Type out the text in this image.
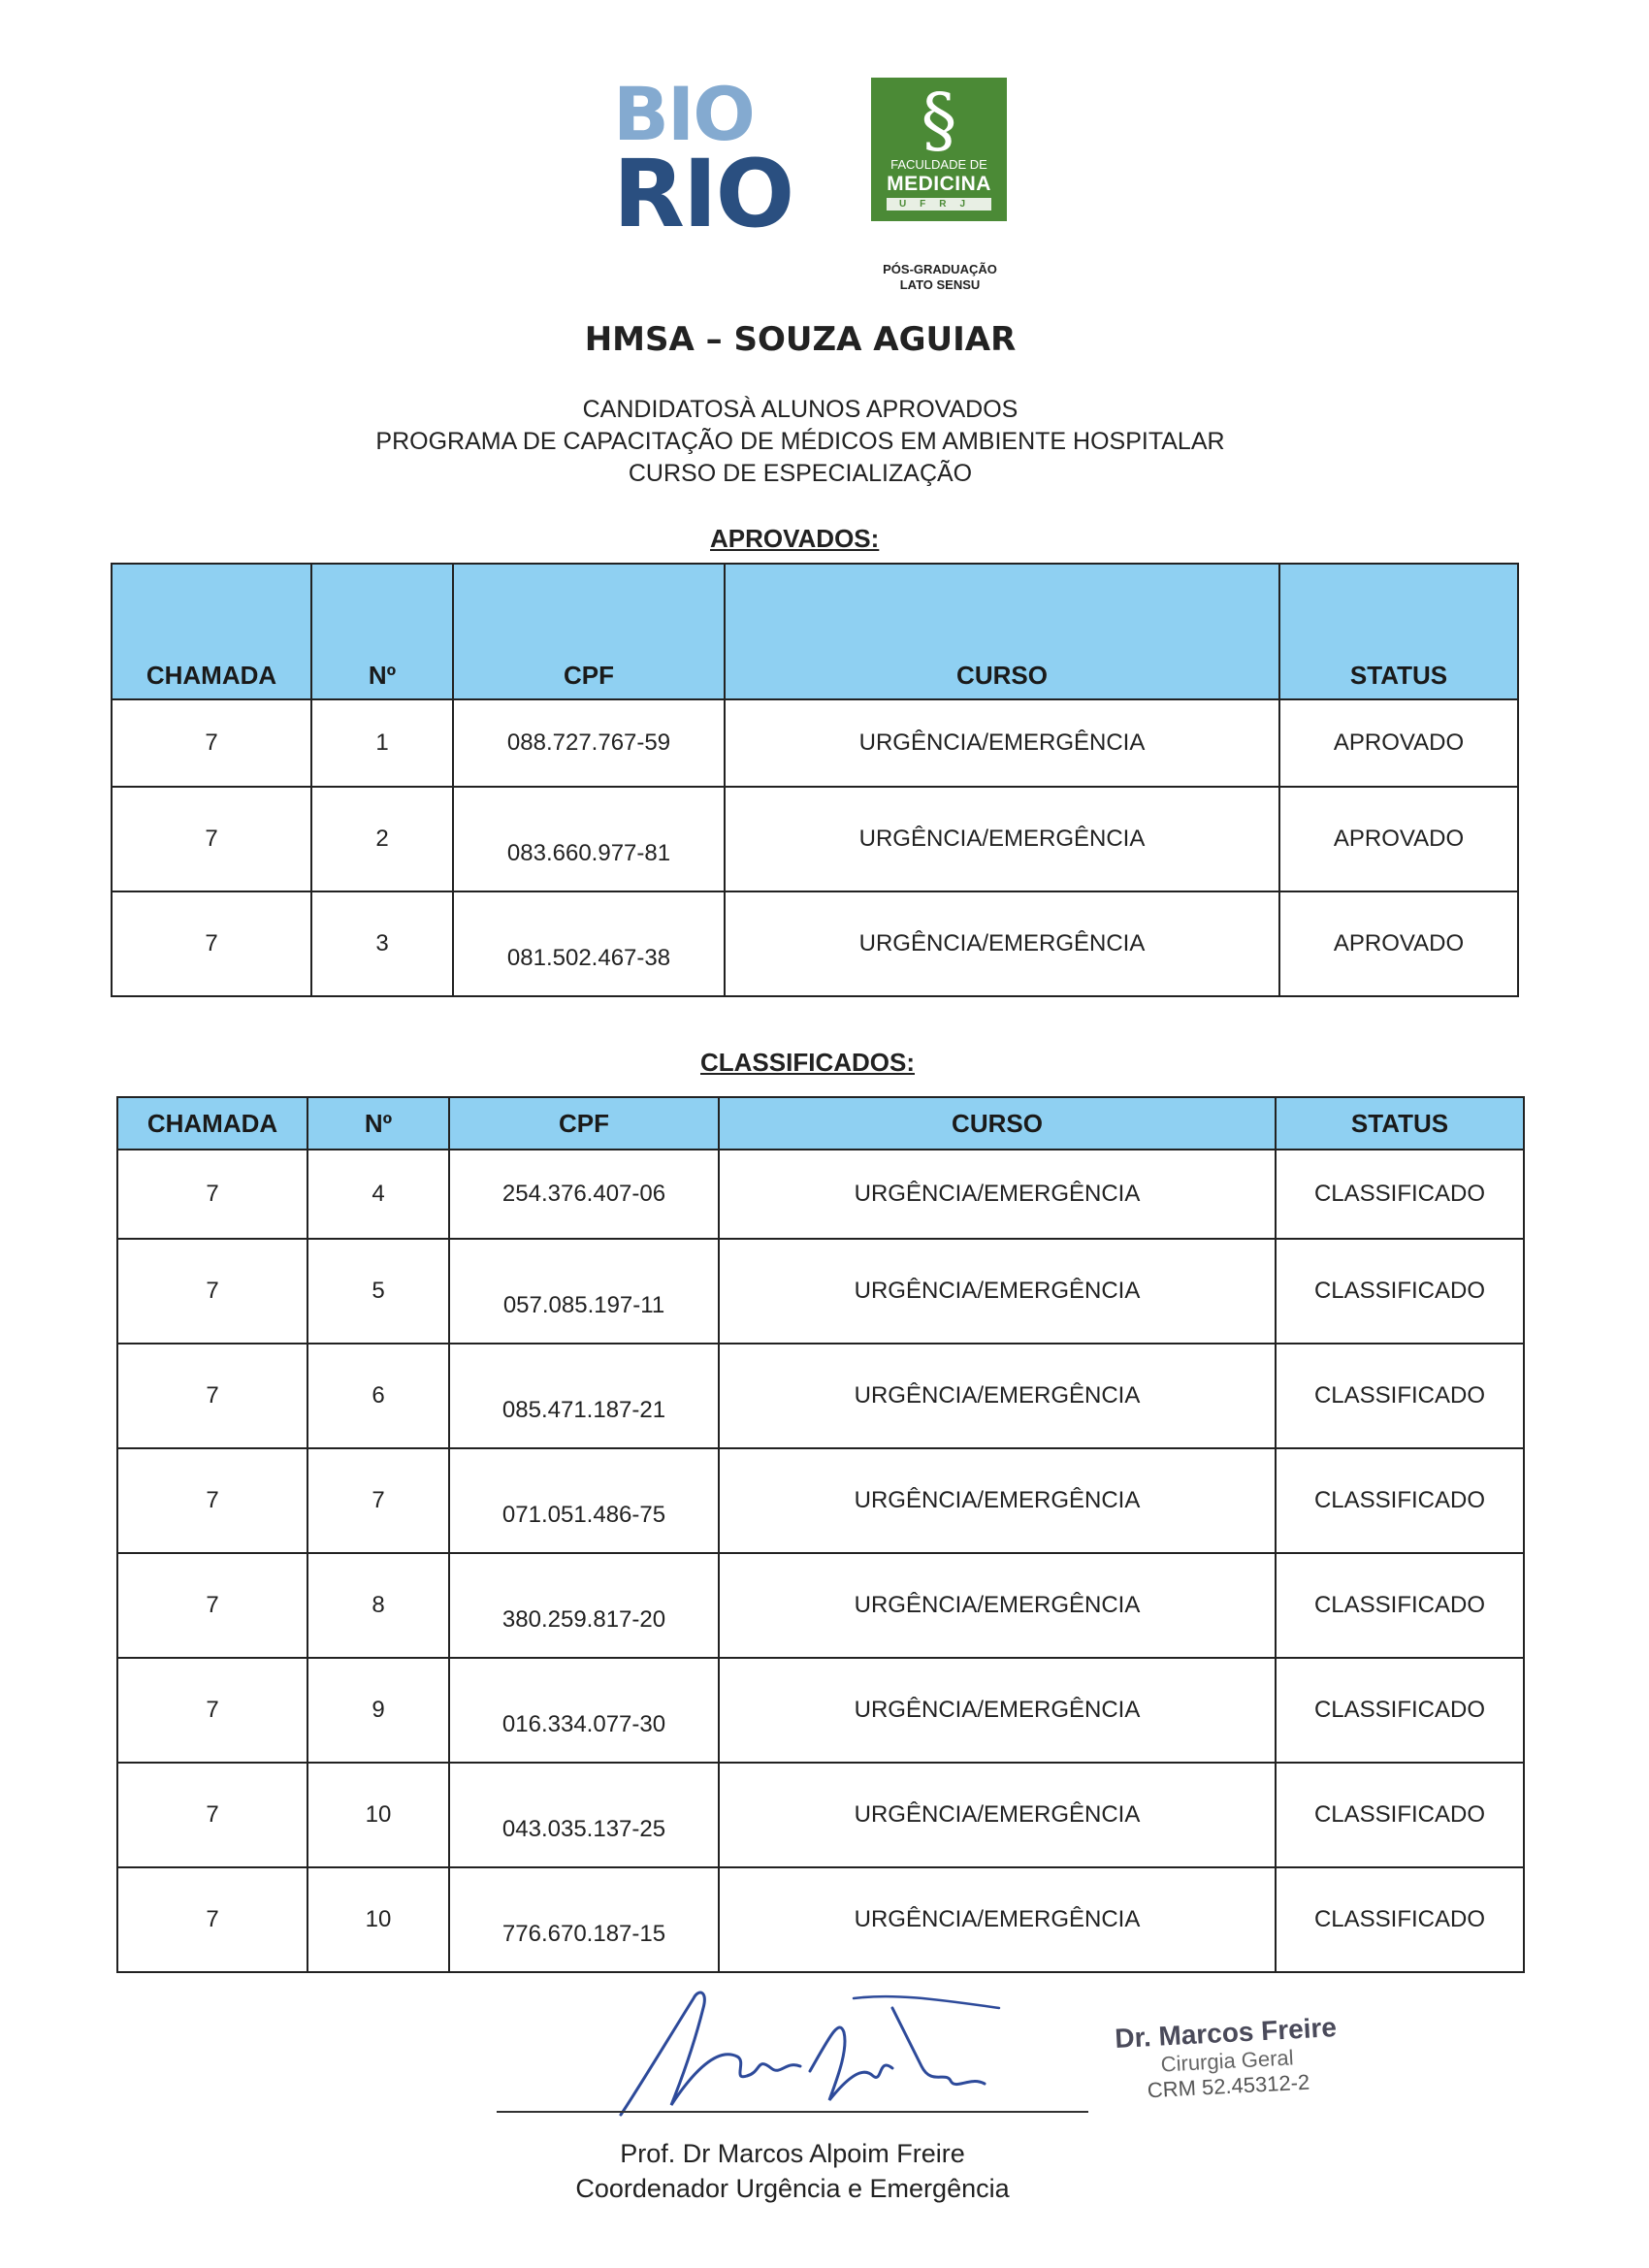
BIO
RIO
§
FACULDADE DE
MEDICINA
UFRJ
PÓS-GRADUAÇÃO
LATO SENSU
HMSA – SOUZA AGUIAR
CANDIDATOSÀ ALUNOS APROVADOS
PROGRAMA DE CAPACITAÇÃO DE MÉDICOS EM AMBIENTE HOSPITALAR
CURSO DE ESPECIALIZAÇÃO
APROVADOS:
CHAMADA	Nº	CPF	CURSO	STATUS
7	1	088.727.767-59	URGÊNCIA/EMERGÊNCIA	APROVADO
7	2	083.660.977-81	URGÊNCIA/EMERGÊNCIA	APROVADO
7	3	081.502.467-38	URGÊNCIA/EMERGÊNCIA	APROVADO
CLASSIFICADOS:
CHAMADA	Nº	CPF	CURSO	STATUS
7	4	254.376.407-06	URGÊNCIA/EMERGÊNCIA	CLASSIFICADO
7	5	057.085.197-11	URGÊNCIA/EMERGÊNCIA	CLASSIFICADO
7	6	085.471.187-21	URGÊNCIA/EMERGÊNCIA	CLASSIFICADO
7	7	071.051.486-75	URGÊNCIA/EMERGÊNCIA	CLASSIFICADO
7	8	380.259.817-20	URGÊNCIA/EMERGÊNCIA	CLASSIFICADO
7	9	016.334.077-30	URGÊNCIA/EMERGÊNCIA	CLASSIFICADO
7	10	043.035.137-25	URGÊNCIA/EMERGÊNCIA	CLASSIFICADO
7	10	776.670.187-15	URGÊNCIA/EMERGÊNCIA	CLASSIFICADO
Prof. Dr Marcos Alpoim Freire
Coordenador Urgência e Emergência
Dr. Marcos Freire
Cirurgia Geral
CRM 52.45312-2
